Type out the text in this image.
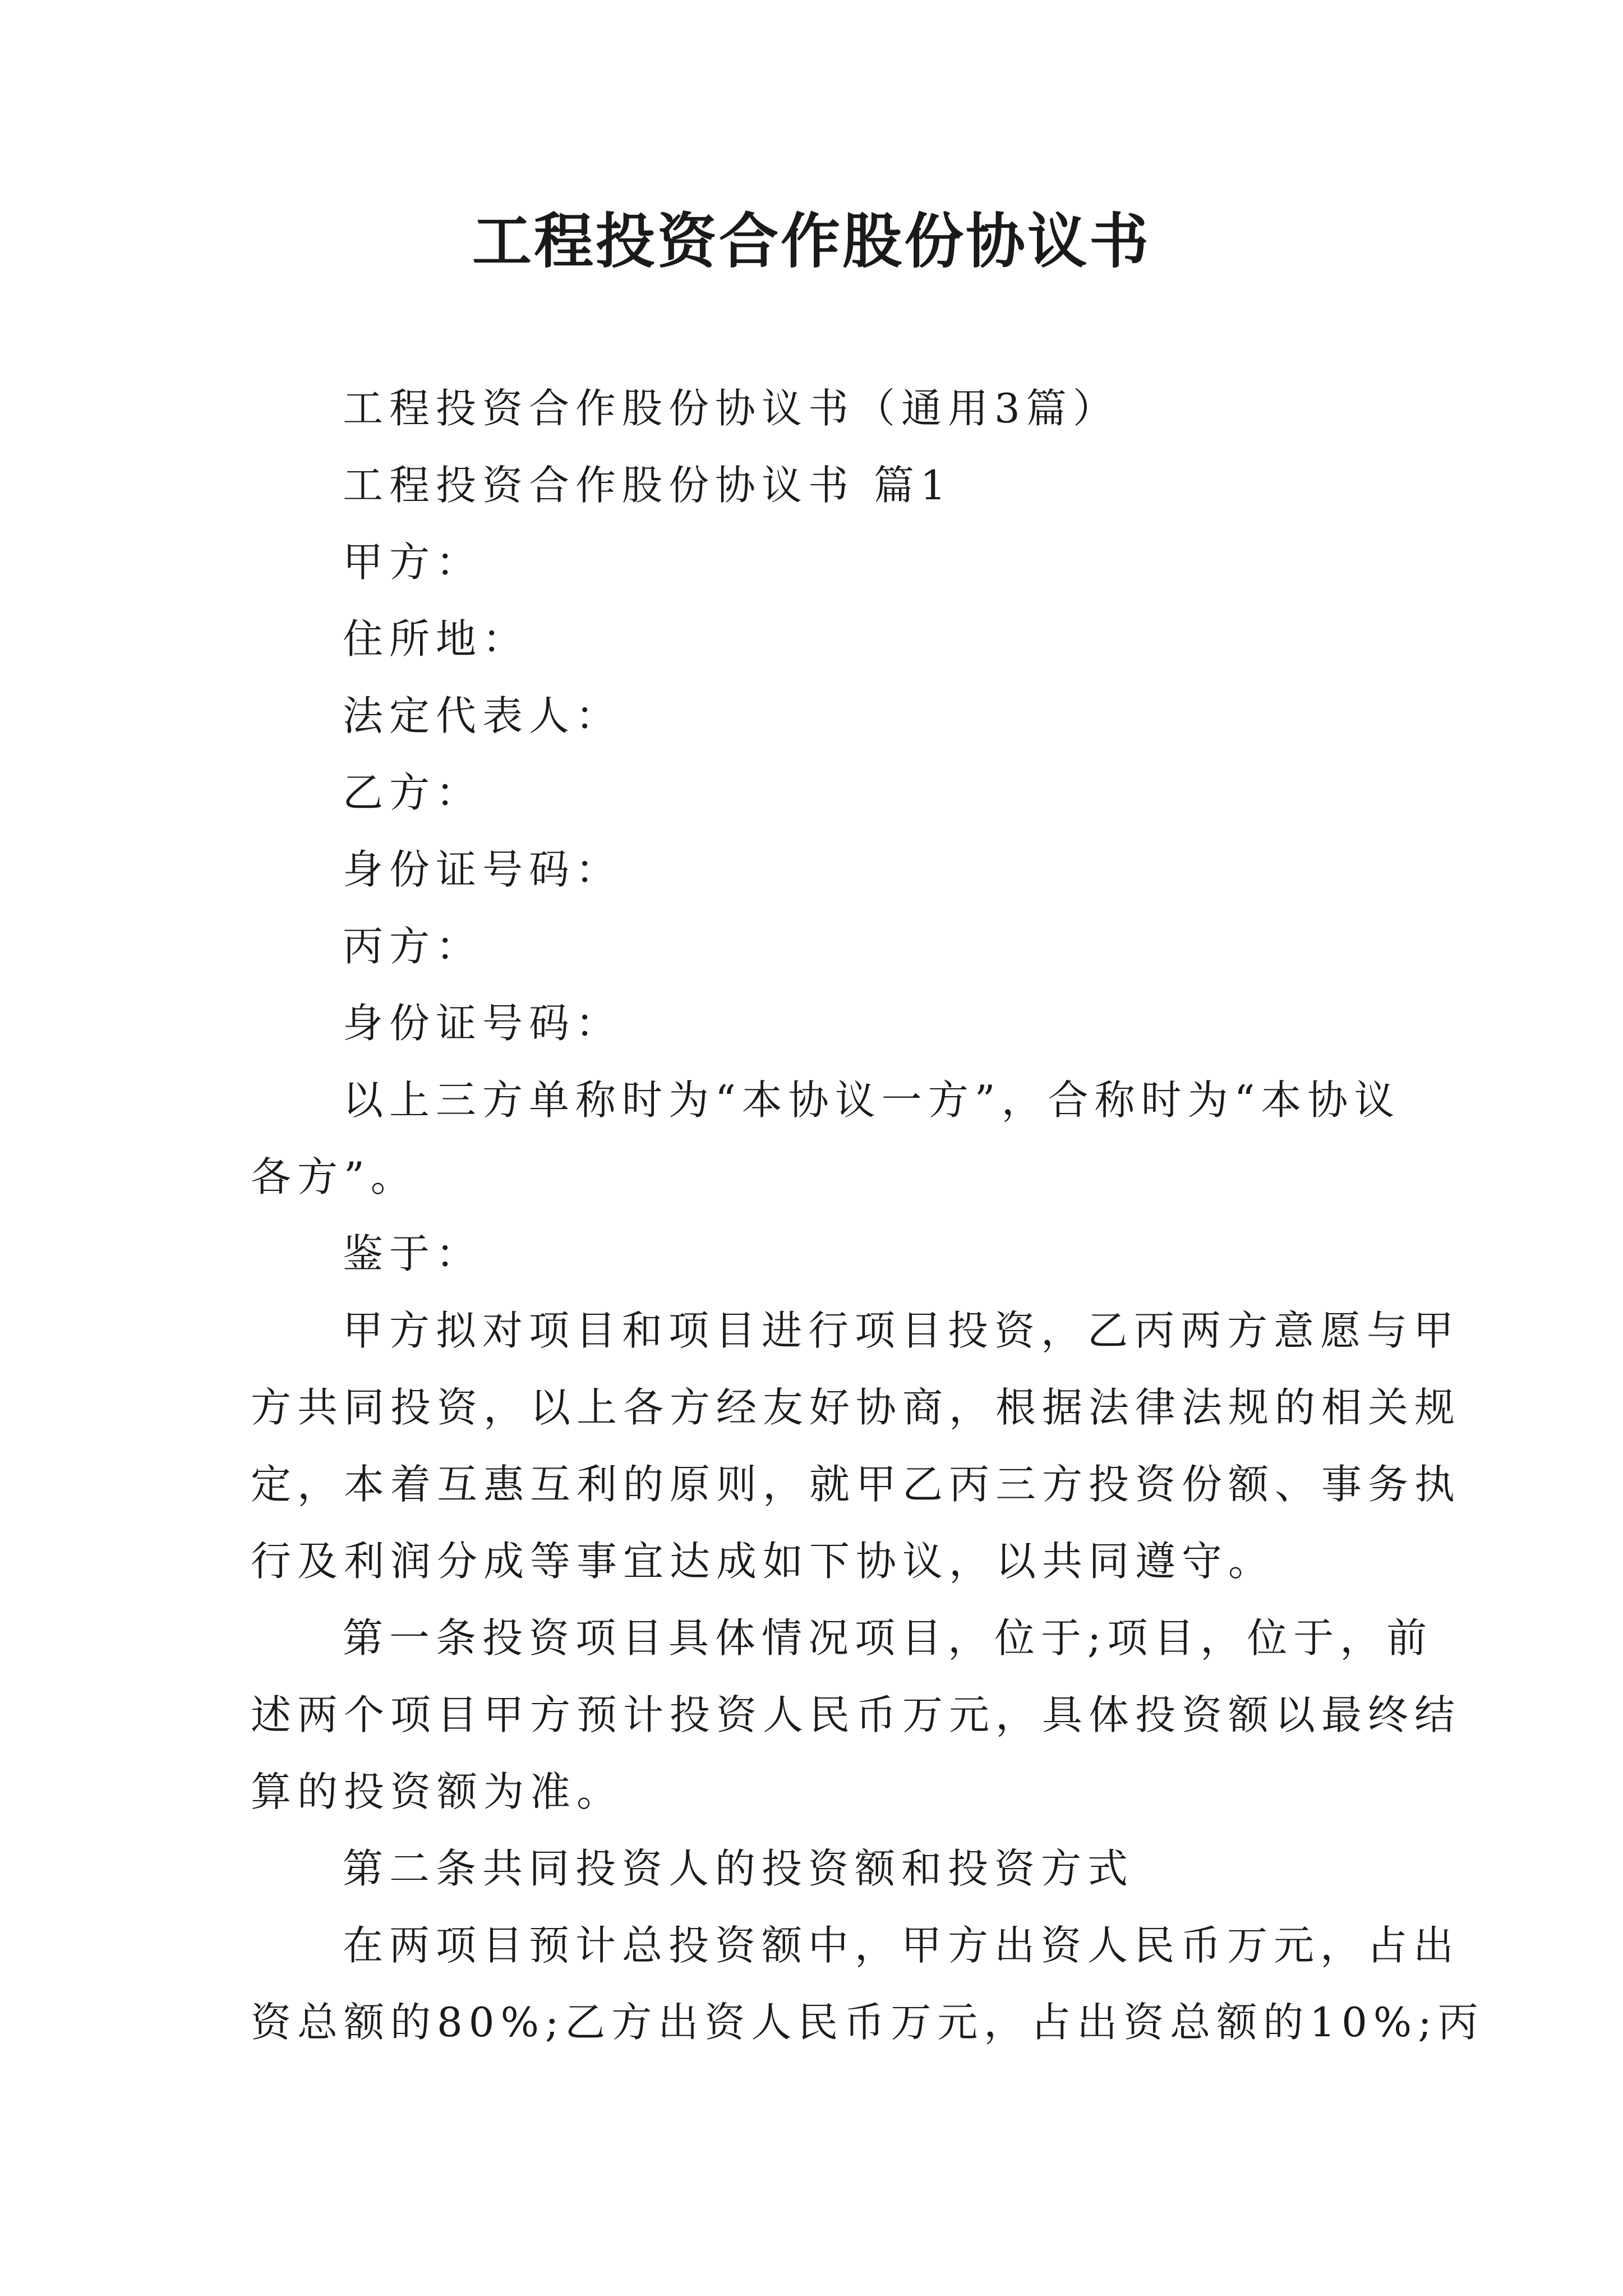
工程投资合作股份协议书

工程投资合作股份协议书（通用3篇）

工程投资合作股份协议书 篇1

甲方：

住所地：

法定代表人：

乙方：

身份证号码：

丙方：

身份证号码：

以上三方单称时为“本协议一方”，合称时为“本协议

各方”。

鉴于：

甲方拟对项目和项目进行项目投资，乙丙两方意愿与甲

方共同投资，以上各方经友好协商，根据法律法规的相关规

定，本着互惠互利的原则，就甲乙丙三方投资份额、事务执

行及利润分成等事宜达成如下协议，以共同遵守。

第一条投资项目具体情况项目，位于;项目，位于，前

述两个项目甲方预计投资人民币万元，具体投资额以最终结

算的投资额为准。

第二条共同投资人的投资额和投资方式

在两项目预计总投资额中，甲方出资人民币万元，占出

资总额的80%;乙方出资人民币万元，占出资总额的10%;丙
